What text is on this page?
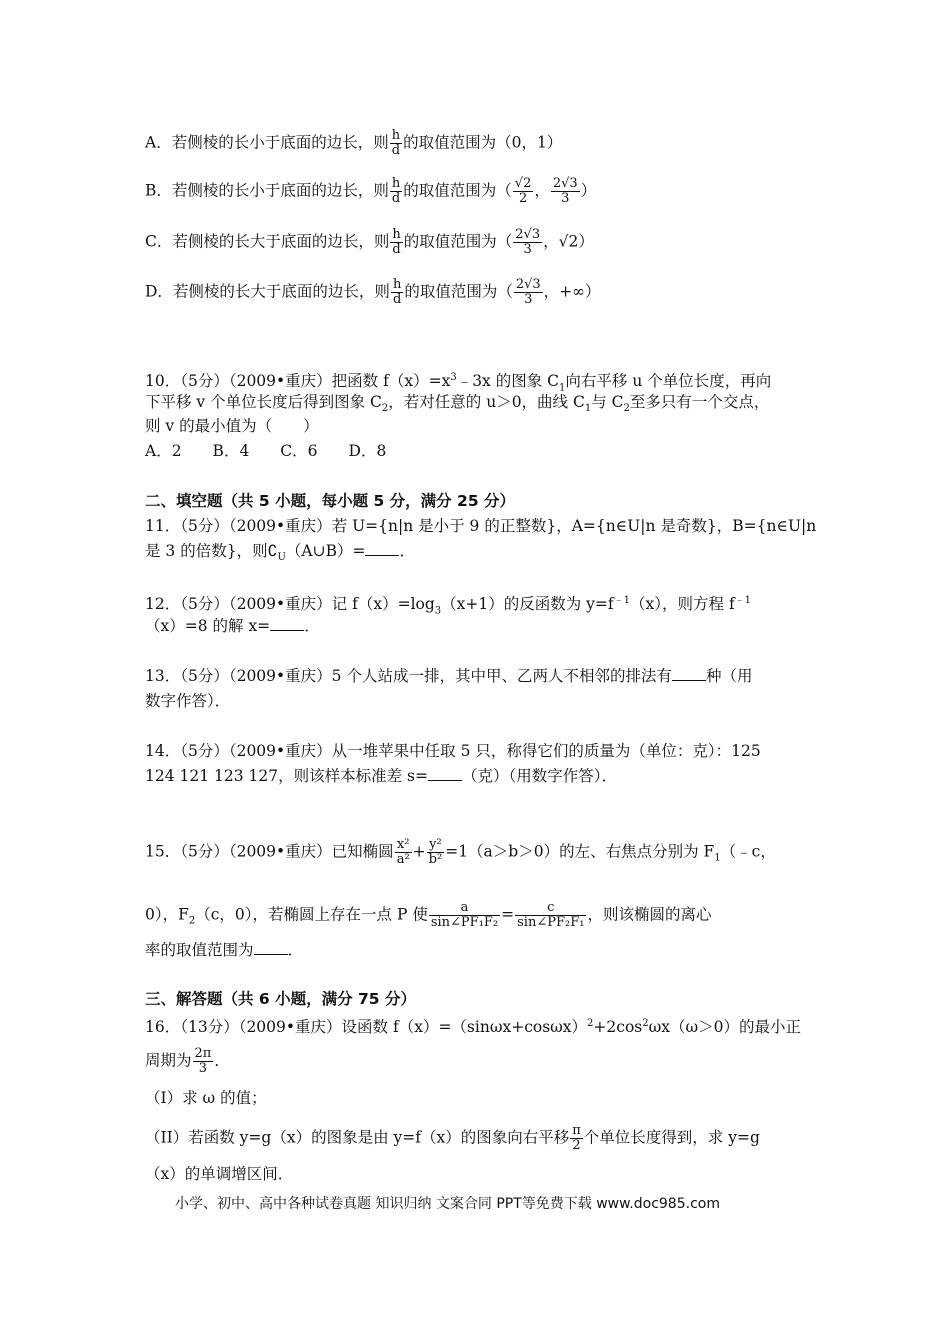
A．若侧棱的长小于底面的边长，则 $\frac{h}{d}$ 的取值范围为（0，1）
B．若侧棱的长小于底面的边长，则 $\frac{h}{d}$ 的取值范围为（ $\frac{√2}{2}$ ， $\frac{2√3}{3}$ ）
C．若侧棱的长大于底面的边长，则 $\frac{h}{d}$ 的取值范围为（ $\frac{2√3}{3}$ ，√2）
D．若侧棱的长大于底面的边长，则 $\frac{h}{d}$ 的取值范围为（ $\frac{2√3}{3}$ ，+∞）
10．（5分）（2009•重庆）把函数 $f(x)=x^3﹣3x$ 的图象 $C_1$向右平移 u 个单位长度，再向
下平移 v 个单位长度后得到图象 $C_2$，若对任意的 u＞0，曲线 $C_1$与 $C_2$至多只有一个交点，
则 v 的最小值为（　　）
A．2　　B．4　　C．6　　D．8
二、填空题（共 5 小题，每小题 5 分，满分 25 分）
11．（5分）（2009•重庆）若 U={n|n 是小于 9 的正整数}，A={n∈U|n 是奇数}，B={n∈U|n
是 3 的倍数}，则$∁_U(A\cup B)=$ ．
12．（5分）（2009•重庆）记 $f(x)=\log_3(x+1)$的反函数为 $y=f^{﹣1}(x)$，则方程 $f^{﹣1}$
（x）=8 的解 x= ．
13．（5分）（2009•重庆）5 个人站成一排，其中甲、乙两人不相邻的排法有 种（用
数字作答）．
14．（5分）（2009•重庆）从一堆苹果中任取 5 只，称得它们的质量为（单位：克）：125
124 121 123 127，则该样本标准差 s= （克）（用数字作答）．
15．（5分）（2009•重庆）已知椭圆 $\frac{\text{x²}}{\text{a²}} + \frac{\text{y²}}{\text{b²}} =1(a>b>0)$的左、右焦点分别为 $F_1(﹣c$，
0），$F_2(c$，0），若椭圆上存在一点 P 使 $\frac{a}{\text{sin∠PF₁F₂}} = \frac{c}{\text{sin∠PF₂F₁}}$ ，则该椭圆的离心
率的取值范围为 ．
三、解答题（共 6 小题，满分 75 分）
16．（13分）（2009•重庆）设函数 $f(x)=(\sin\omega x+\cos\omega x)^2+2\cos^2\omega x(\omega>0)$的最小正
周期为 $\frac{2\pi}{3}$ ．
（I）求 ω 的值；
（II）若函数 y=g（x）的图象是由 y=f（x）的图象向右平移 $\frac{\pi}{2}$ 个单位长度得到，求 y=g
（x）的单调增区间．
小学、初中、高中各种试卷真题 知识归纳 文案合同 PPT等免费下载 www.doc985.com
